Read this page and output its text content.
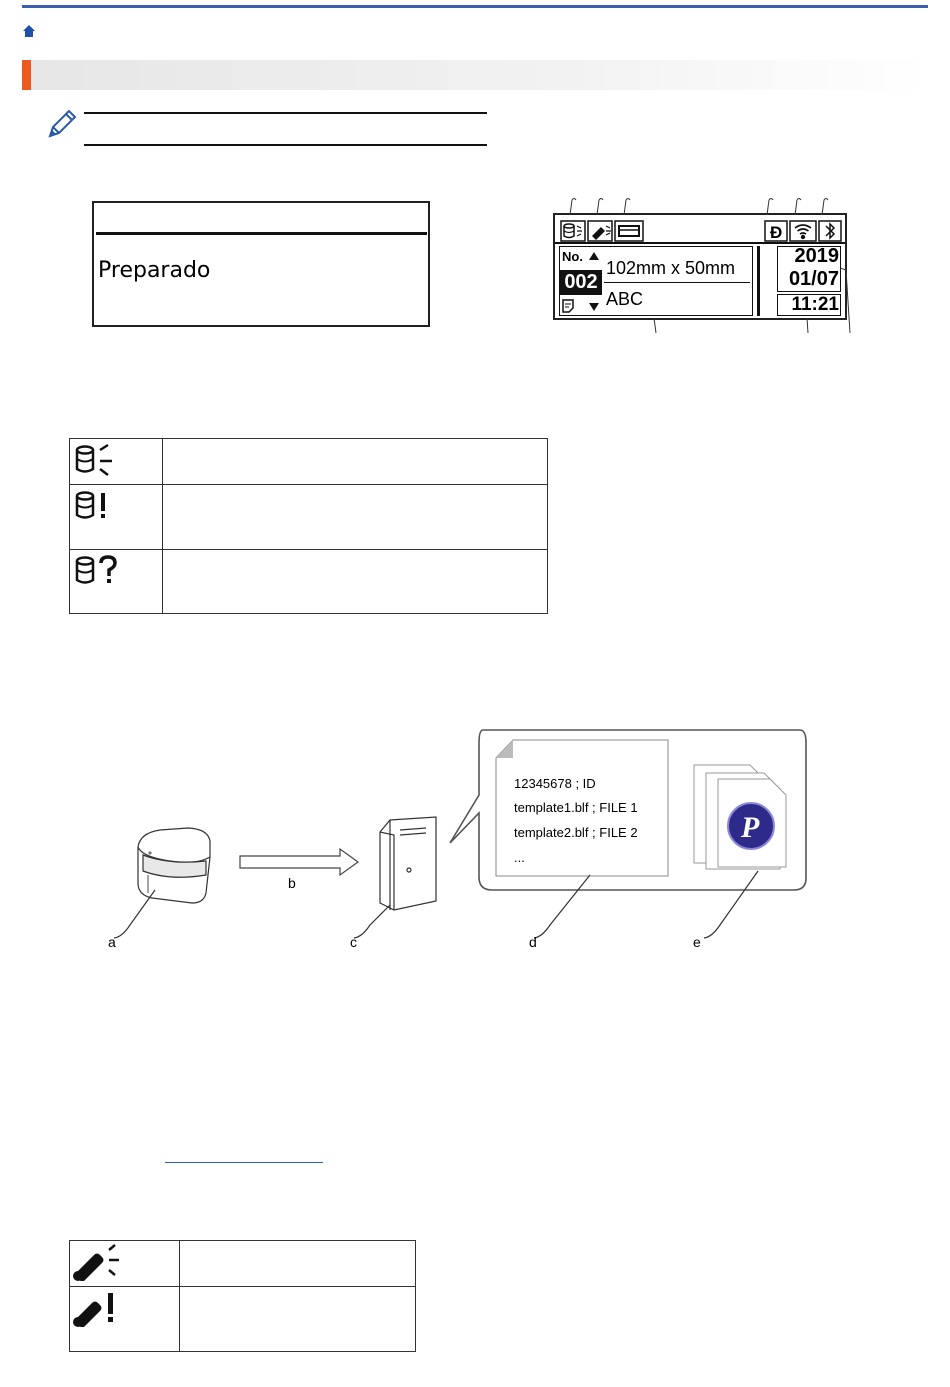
Preparado
Đ
No.
002
102mm x 50mm
ABC
2019
01/07
11:21

P
12345678 ; ID
template1.blf ; FILE 1
template2.blf ; FILE 2
...
a
b
c	d	e
